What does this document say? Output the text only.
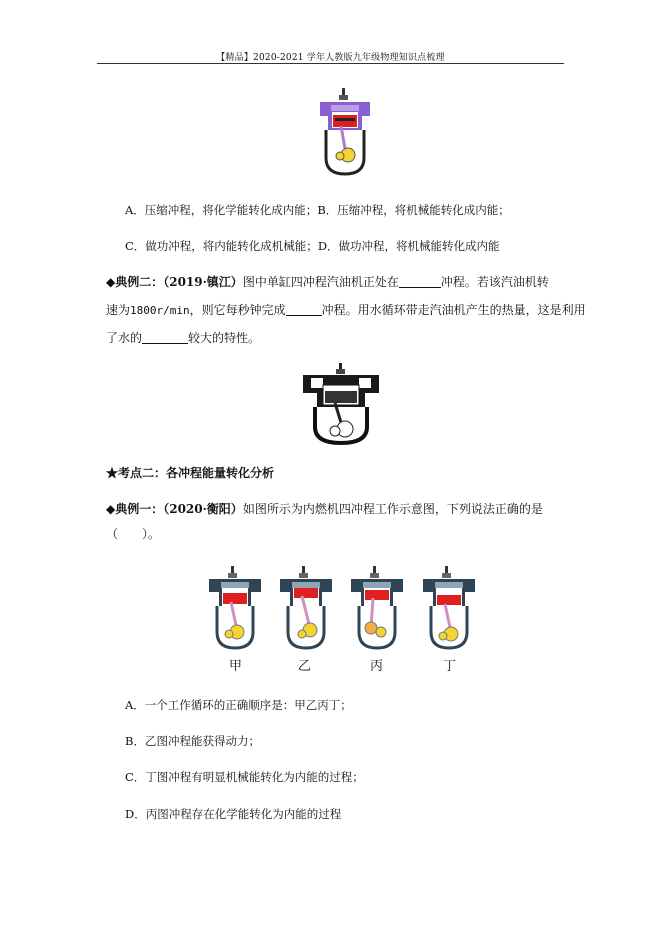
【精品】2020-2021 学年人教版九年级物理知识点梳理
A．压缩冲程，将化学能转化成内能；B．压缩冲程，将机械能转化成内能；
C．做功冲程，将内能转化成机械能；D．做功冲程，将机械能转化成内能
◆典例二：（2019·镇江）图中单缸四冲程汽油机正处在	冲程。若该汽油机转
速为1800r/min，则它每秒钟完成	冲程。用水循环带走汽油机产生的热量，这是利用
了水的	较大的特性。
★考点二：各冲程能量转化分析
◆典例一：（2020·衡阳）如图所示为内燃机四冲程工作示意图，下列说法正确的是
（　　）。
甲	乙	丙	丁
A．一个工作循环的正确顺序是：甲乙丙丁；
B．乙图冲程能获得动力；
C．丁图冲程有明显机械能转化为内能的过程；
D．丙图冲程存在化学能转化为内能的过程
